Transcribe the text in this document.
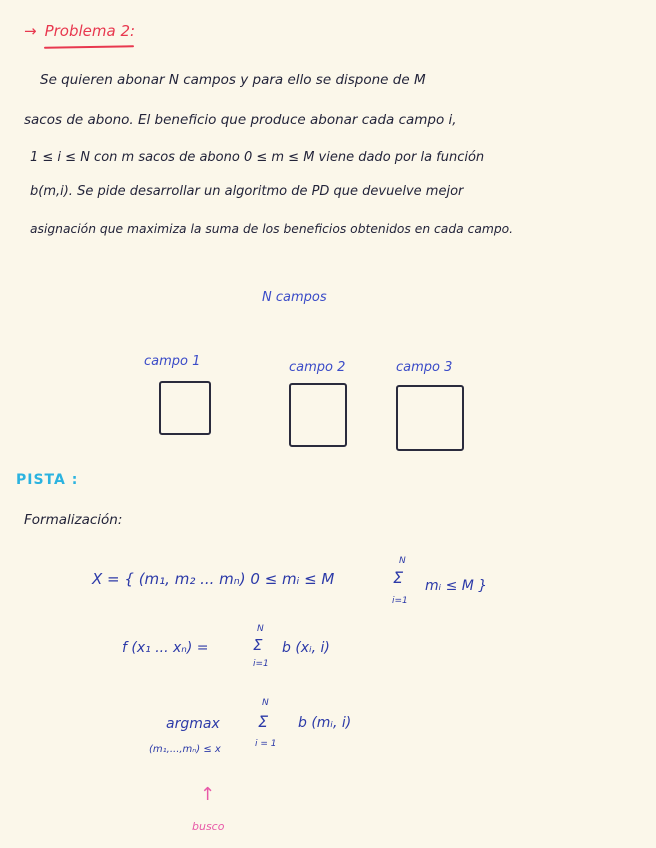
→ Problema 2:
Se quieren abonar N campos y para ello se dispone de M
sacos de abono. El beneficio que produce abonar cada campo i,
1 ≤ i ≤ N con m sacos de abono 0 ≤ m ≤ M viene dado por la función
b(m,i). Se pide desarrollar un algoritmo de PD que devuelve mejor
asignación que maximiza la suma de los beneficios obtenidos en cada campo.
N campos
campo 1	campo 2	campo 3
PISTA :
Formalización:
X = { (m₁, m₂ ... mₙ) 0 ≤ mᵢ ≤ M
N
Σ
i=1
mᵢ ≤ M }
f (x₁ ... xₙ) =
N
Σ
i=1
b (xᵢ, i)
argmax
(m₁,...,mₙ) ≤ x
N
Σ
i = 1
b (mᵢ, i)
↑
busco
